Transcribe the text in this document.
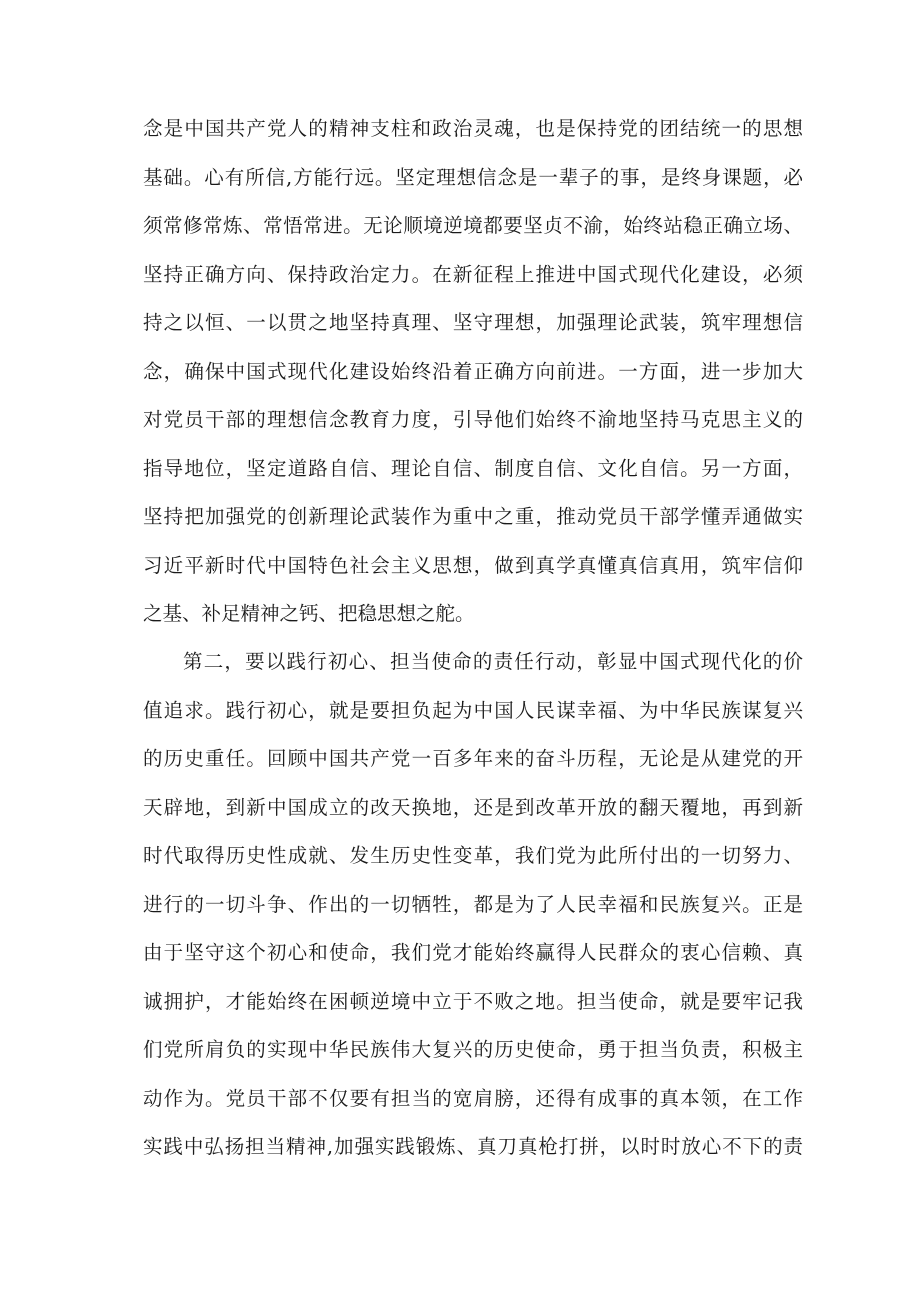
念是中国共产党人的精神支柱和政治灵魂，也是保持党的团结统一的思想
基础。心有所信,方能行远。坚定理想信念是一辈子的事，是终身课题，必
须常修常炼、常悟常进。无论顺境逆境都要坚贞不渝，始终站稳正确立场、
坚持正确方向、保持政治定力。在新征程上推进中国式现代化建设，必须
持之以恒、一以贯之地坚持真理、坚守理想，加强理论武装，筑牢理想信
念，确保中国式现代化建设始终沿着正确方向前进。一方面，进一步加大
对党员干部的理想信念教育力度，引导他们始终不渝地坚持马克思主义的
指导地位，坚定道路自信、理论自信、制度自信、文化自信。另一方面，
坚持把加强党的创新理论武装作为重中之重，推动党员干部学懂弄通做实
习近平新时代中国特色社会主义思想，做到真学真懂真信真用，筑牢信仰
之基、补足精神之钙、把稳思想之舵。
第二，要以践行初心、担当使命的责任行动，彰显中国式现代化的价
值追求。践行初心，就是要担负起为中国人民谋幸福、为中华民族谋复兴
的历史重任。回顾中国共产党一百多年来的奋斗历程，无论是从建党的开
天辟地，到新中国成立的改天换地，还是到改革开放的翻天覆地，再到新
时代取得历史性成就、发生历史性变革，我们党为此所付出的一切努力、
进行的一切斗争、作出的一切牺牲，都是为了人民幸福和民族复兴。正是
由于坚守这个初心和使命，我们党才能始终赢得人民群众的衷心信赖、真
诚拥护，才能始终在困顿逆境中立于不败之地。担当使命，就是要牢记我
们党所肩负的实现中华民族伟大复兴的历史使命，勇于担当负责，积极主
动作为。党员干部不仅要有担当的宽肩膀，还得有成事的真本领，在工作
实践中弘扬担当精神,加强实践锻炼、真刀真枪打拼，以时时放心不下的责
